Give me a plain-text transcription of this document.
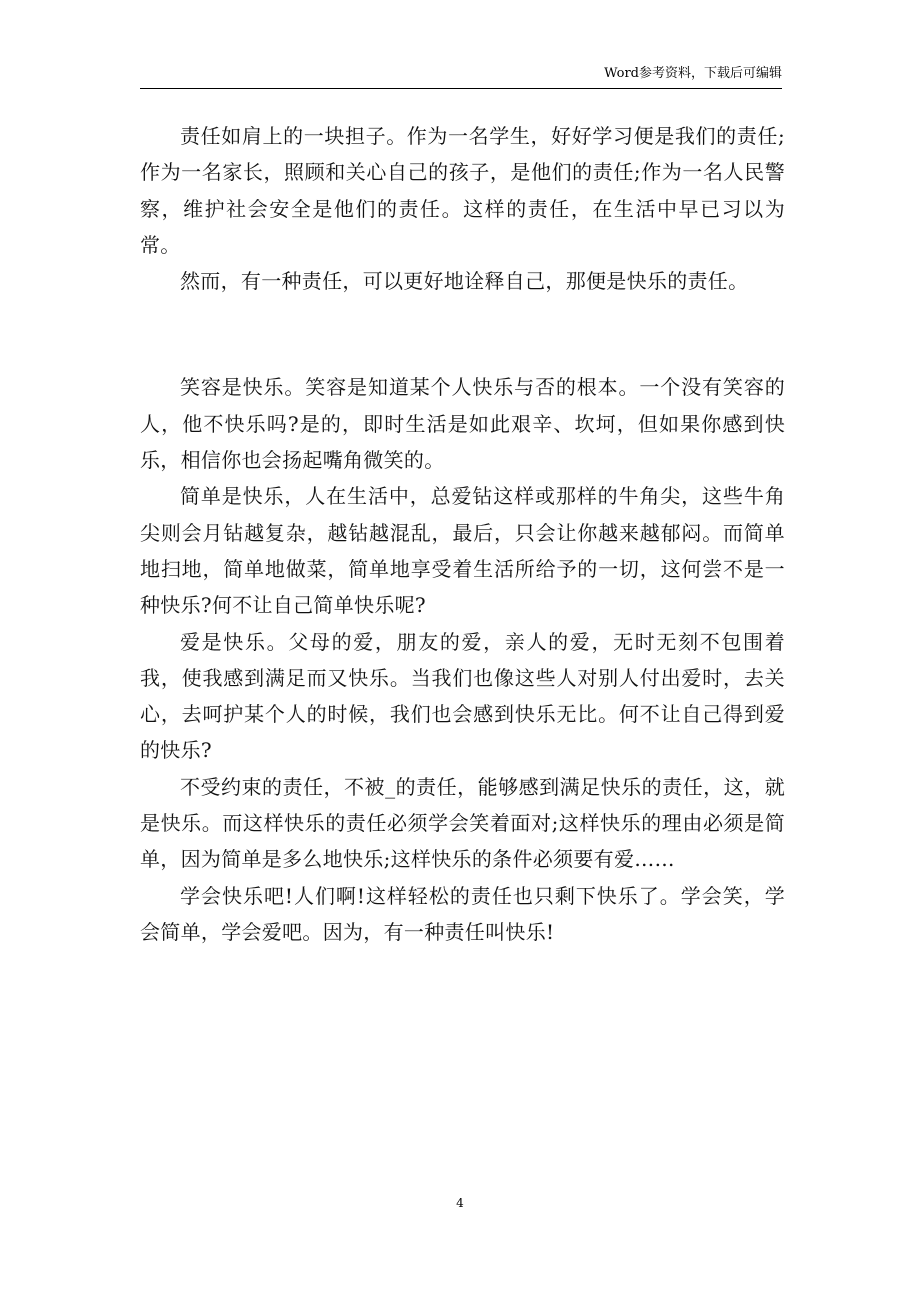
Word参考资料，下载后可编辑

责任如肩上的一块担子。作为一名学生，好好学习便是我们的责任;作为一名家长，照顾和关心自己的孩子，是他们的责任;作为一名人民警察，维护社会安全是他们的责任。这样的责任，在生活中早已习以为常。

然而，有一种责任，可以更好地诠释自己，那便是快乐的责任。

笑容是快乐。笑容是知道某个人快乐与否的根本。一个没有笑容的人，他不快乐吗?是的，即时生活是如此艰辛、坎坷，但如果你感到快乐，相信你也会扬起嘴角微笑的。

简单是快乐，人在生活中，总爱钻这样或那样的牛角尖，这些牛角尖则会月钻越复杂，越钻越混乱，最后，只会让你越来越郁闷。而简单地扫地，简单地做菜，简单地享受着生活所给予的一切，这何尝不是一种快乐?何不让自己简单快乐呢?

爱是快乐。父母的爱，朋友的爱，亲人的爱，无时无刻不包围着我，使我感到满足而又快乐。当我们也像这些人对别人付出爱时，去关心，去呵护某个人的时候，我们也会感到快乐无比。何不让自己得到爱的快乐?

不受约束的责任，不被_的责任，能够感到满足快乐的责任，这，就是快乐。而这样快乐的责任必须学会笑着面对;这样快乐的理由必须是简单，因为简单是多么地快乐;这样快乐的条件必须要有爱……

学会快乐吧!人们啊!这样轻松的责任也只剩下快乐了。学会笑，学会简单，学会爱吧。因为，有一种责任叫快乐!

4
